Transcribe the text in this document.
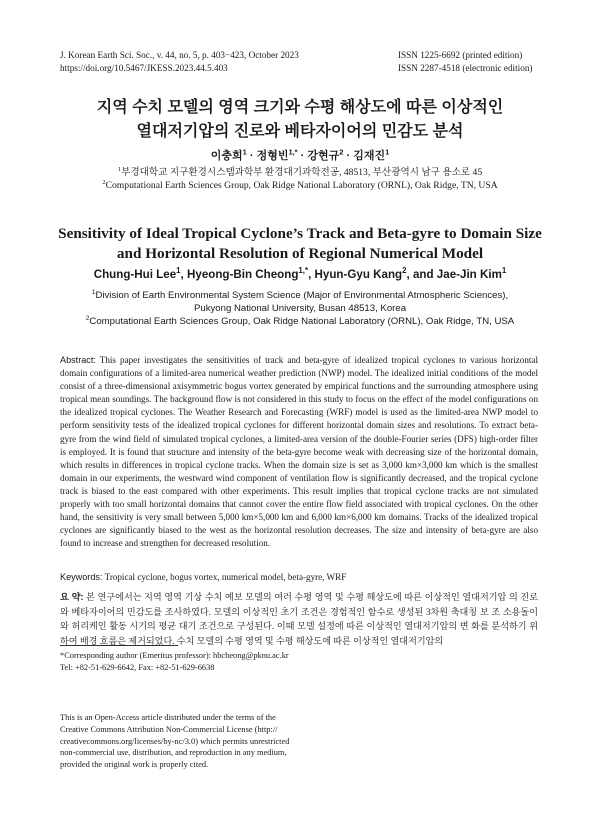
J. Korean Earth Sci. Soc., v. 44, no. 5, p. 403−423, October 2023
https://doi.org/10.5467/JKESS.2023.44.5.403
ISSN 1225-6692 (printed edition)
ISSN 2287-4518 (electronic edition)
지역 수치 모델의 영역 크기와 수평 해상도에 따른 이상적인
열대저기압의 진로와 베타자이어의 민감도 분석
이충희$^1$ · 정형빈$^{1,*}$ · 강현규$^2$ · 김재진$^1$
$^1$부경대학교 지구환경시스템과학부 환경대기과학전공, 48513, 부산광역시 남구 용소로 45
$^2$Computational Earth Sciences Group, Oak Ridge National Laboratory (ORNL), Oak Ridge, TN, USA
Sensitivity of Ideal Tropical Cyclone’s Track and Beta-gyre to Domain Size
and Horizontal Resolution of Regional Numerical Model
Chung-Hui Lee$^1$, Hyeong-Bin Cheong$^{1,*}$, Hyun-Gyu Kang$^2$, and Jae-Jin Kim$^1$
$^1$Division of Earth Environmental System Science (Major of Environmental Atmospheric Sciences),
Pukyong National University, Busan 48513, Korea
$^2$Computational Earth Sciences Group, Oak Ridge National Laboratory (ORNL), Oak Ridge, TN, USA
Abstract: This paper investigates the sensitivities of track and beta-gyre of idealized tropical cyclones to various horizontal domain configurations of a limited-area numerical weather prediction (NWP) model. The idealized initial conditions of the model consist of a three-dimensional axisymmetric bogus vortex generated by empirical functions and the surrounding atmosphere using tropical mean soundings. The background flow is not considered in this study to focus on the effect of the model configurations on the idealized tropical cyclones. The Weather Research and Forecasting (WRF) model is used as the limited-area NWP model to perform sensitivity tests of the idealized tropical cyclones for different horizontal domain sizes and resolutions. To extract beta-gyre from the wind field of simulated tropical cyclones, a limited-area version of the double-Fourier series (DFS) high-order filter is employed. It is found that structure and intensity of the beta-gyre become weak with decreasing size of the horizontal domain, which results in differences in tropical cyclone tracks. When the domain size is set as 3,000 km×3,000 km which is the smallest domain in our experiments, the westward wind component of ventilation flow is significantly decreased, and the tropical cyclone track is biased to the east compared with other experiments. This result implies that tropical cyclone tracks are not simulated properly with too small horizontal domains that cannot cover the entire flow field associated with tropical cyclones. On the other hand, the sensitivity is very small between 5,000 km×5,000 km and 6,000 km×6,000 km domains. Tracks of the idealized tropical cyclones are significantly biased to the west as the horizontal resolution decreases. The size and intensity of beta-gyre are also found to increase and strengthen for decreased resolution.
Keywords: Tropical cyclone, bogus vortex, numerical model, beta-gyre, WRF
요 약: 본 연구에서는 지역 영역 기상 수치 예보 모델의 여러 수평 영역 및 수평 해상도에 따른 이상적인 열대저기압 의 진로와 베타자이어의 민감도를 조사하였다. 모델의 이상적인 초기 조건은 경험적인 함수로 생성된 3차원 축대칭 보 조 소용돌이와 허리케인 활동 시기의 평균 대기 조건으로 구성된다. 이때 모델 설정에 따른 이상적인 열대저기압의 변 화를 분석하기 위하여 배경 흐름은 제거되었다. 수치 모델의 수평 영역 및 수평 해상도에 따른 이상적인 열대저기압의
*Corresponding author (Emeritus professor): hbcheong@pknu.ac.kr
Tel: +82-51-629-6642, Fax: +82-51-629-6638
This is an Open-Access article distributed under the terms of the
Creative Commons Attribution Non-Commercial License (http://
creativecommons.org/licenses/by-nc/3.0) which permits unrestricted
non-commercial use, distribution, and reproduction in any medium,
provided the original work is properly cited.
